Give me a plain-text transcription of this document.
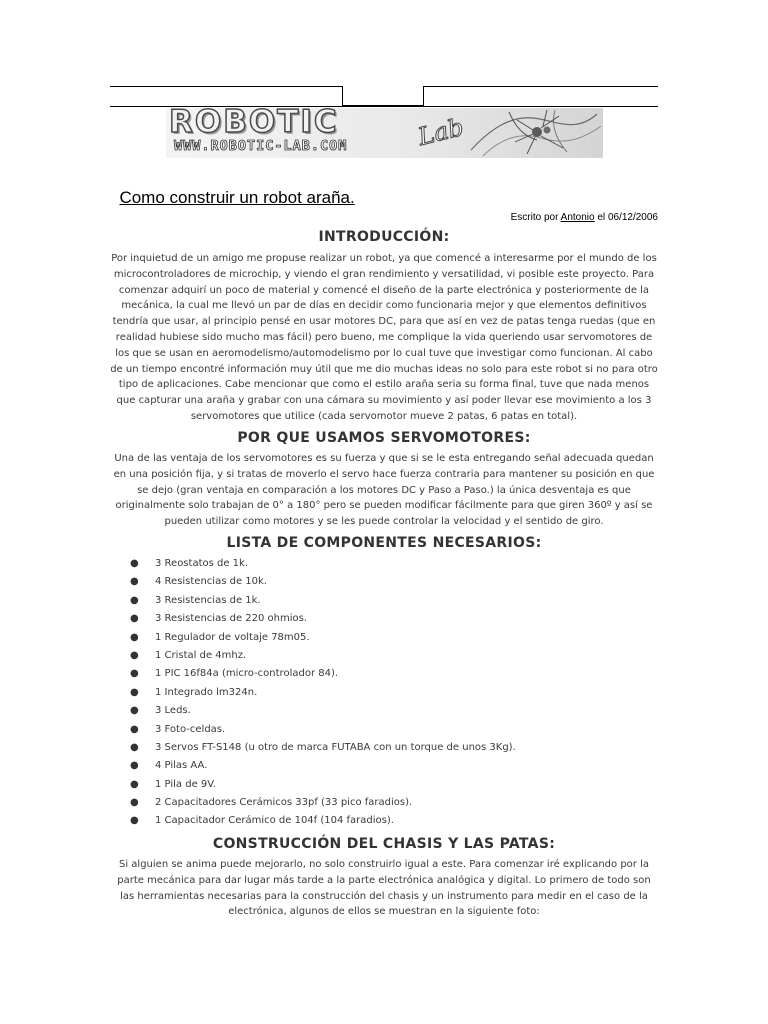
ROBOTIC	Lab
WWW.ROBOTIC-LAB.COM
Como construir un robot araña.
Escrito por Antonio el 06/12/2006
INTRODUCCIÓN:

Por inquietud de un amigo me propuse realizar un robot, ya que comencé a interesarme por el mundo de los microcontroladores de microchip, y viendo el gran rendimiento y versatilidad, vi posible este proyecto. Para comenzar adquirí un poco de material y comencé el diseño de la parte electrónica y posteriormente de la mecánica, la cual me llevó un par de días en decidir como funcionaria mejor y que elementos definitivos tendría que usar, al principio pensé en usar motores DC, para que así en vez de patas tenga ruedas (que en realidad hubiese sido mucho mas fácil) pero bueno, me complique la vida queriendo usar servomotores de los que se usan en aeromodelismo/automodelismo por lo cual tuve que investigar como funcionan. Al cabo de un tiempo encontré información muy útil que me dio muchas ideas no solo para este robot si no para otro tipo de aplicaciones. Cabe mencionar que como el estilo araña seria su forma final, tuve que nada menos que capturar una araña y grabar con una cámara su movimiento y así poder llevar ese movimiento a los 3 servomotores que utilice (cada servomotor mueve 2 patas, 6 patas en total).

POR QUE USAMOS SERVOMOTORES:

Una de las ventaja de los servomotores es su fuerza y que si se le esta entregando señal adecuada quedan en una posición fija, y si tratas de moverlo el servo hace fuerza contraria para mantener su posición en que se dejo (gran ventaja en comparación a los motores DC y Paso a Paso.) la única desventaja es que originalmente solo trabajan de 0° a 180° pero se pueden modificar fácilmente para que giren 360º y así se pueden utilizar como motores y se les puede controlar la velocidad y el sentido de giro.

LISTA DE COMPONENTES NECESARIOS:
● 3 Reostatos de 1k.
● 4 Resistencias de 10k.
● 3 Resistencias de 1k.
● 3 Resistencias de 220 ohmios.
● 1 Regulador de voltaje 78m05.
● 1 Cristal de 4mhz.
● 1 PIC 16f84a (micro-controlador 84).
● 1 Integrado lm324n.
● 3 Leds.
● 3 Foto-celdas.
● 3 Servos FT-S148 (u otro de marca FUTABA con un torque de unos 3Kg).
● 4 Pilas AA.
● 1 Pila de 9V.
● 2 Capacitadores Cerámicos 33pf (33 pico faradios).
● 1 Capacitador Cerámico de 104f (104 faradios).
CONSTRUCCIÓN DEL CHASIS Y LAS PATAS:

Si alguien se anima puede mejorarlo, no solo construirlo igual a este. Para comenzar iré explicando por la parte mecánica para dar lugar más tarde a la parte electrónica analógica y digital. Lo primero de todo son las herramientas necesarias para la construcción del chasis y un instrumento para medir en el caso de la electrónica, algunos de ellos se muestran en la siguiente foto:
